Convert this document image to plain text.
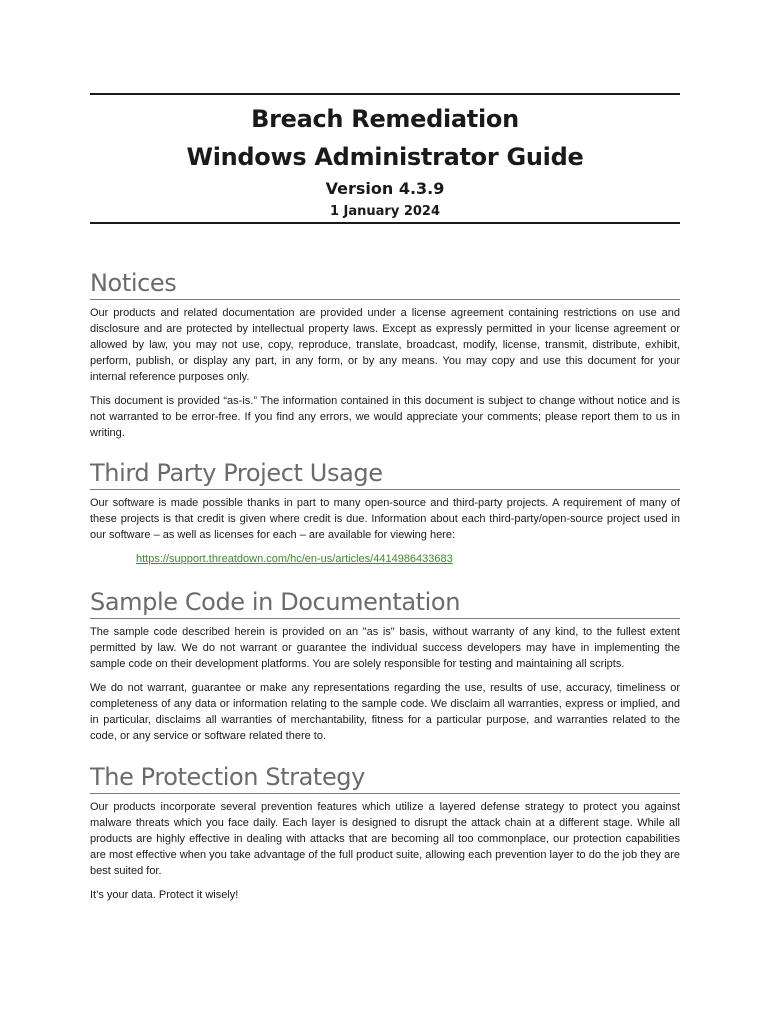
Breach Remediation
Windows Administrator Guide
Version 4.3.9
1 January 2024
Notices

Our products and related documentation are provided under a license agreement containing restrictions on use and disclosure and are protected by intellectual property laws. Except as expressly permitted in your license agreement or allowed by law, you may not use, copy, reproduce, translate, broadcast, modify, license, transmit, distribute, exhibit, perform, publish, or display any part, in any form, or by any means. You may copy and use this document for your internal reference purposes only.

This document is provided “as-is.” The information contained in this document is subject to change without notice and is not warranted to be error-free. If you find any errors, we would appreciate your comments; please report them to us in writing.

Third Party Project Usage

Our software is made possible thanks in part to many open-source and third-party projects. A requirement of many of these projects is that credit is given where credit is due. Information about each third-party/open-source project used in our software – as well as licenses for each – are available for viewing here:

https://support.threatdown.com/hc/en-us/articles/4414986433683
Sample Code in Documentation

The sample code described herein is provided on an "as is" basis, without warranty of any kind, to the fullest extent permitted by law. We do not warrant or guarantee the individual success developers may have in implementing the sample code on their development platforms. You are solely responsible for testing and maintaining all scripts.

We do not warrant, guarantee or make any representations regarding the use, results of use, accuracy, timeliness or completeness of any data or information relating to the sample code. We disclaim all warranties, express or implied, and in particular, disclaims all warranties of merchantability, fitness for a particular purpose, and warranties related to the code, or any service or software related there to.

The Protection Strategy

Our products incorporate several prevention features which utilize a layered defense strategy to protect you against malware threats which you face daily. Each layer is designed to disrupt the attack chain at a different stage. While all products are highly effective in dealing with attacks that are becoming all too commonplace, our protection capabilities are most effective when you take advantage of the full product suite, allowing each prevention layer to do the job they are best suited for.

It’s your data. Protect it wisely!
